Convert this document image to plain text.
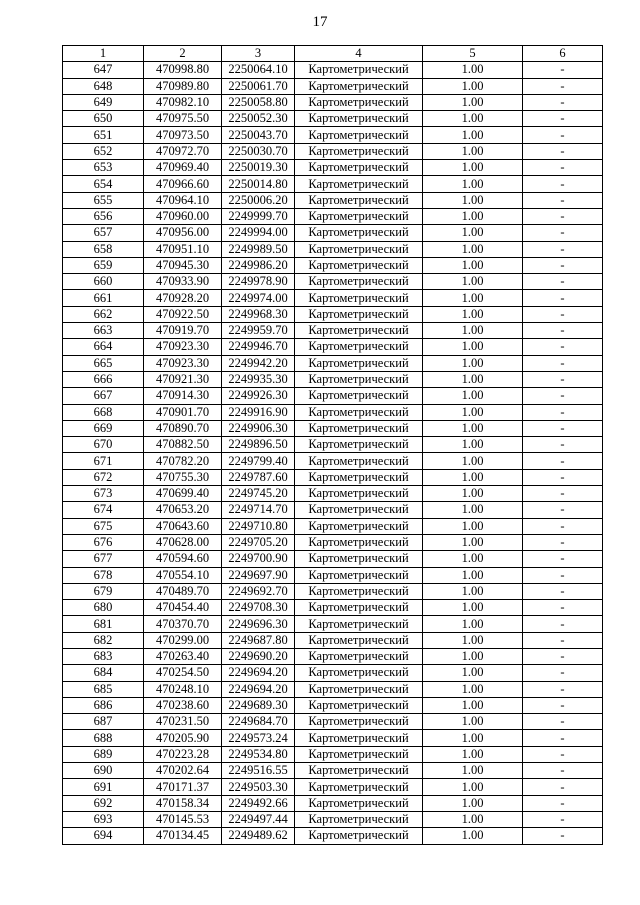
17
1	2	3	4	5	6
647	470998.80	2250064.10	Картометрический	1.00	-
648	470989.80	2250061.70	Картометрический	1.00	-
649	470982.10	2250058.80	Картометрический	1.00	-
650	470975.50	2250052.30	Картометрический	1.00	-
651	470973.50	2250043.70	Картометрический	1.00	-
652	470972.70	2250030.70	Картометрический	1.00	-
653	470969.40	2250019.30	Картометрический	1.00	-
654	470966.60	2250014.80	Картометрический	1.00	-
655	470964.10	2250006.20	Картометрический	1.00	-
656	470960.00	2249999.70	Картометрический	1.00	-
657	470956.00	2249994.00	Картометрический	1.00	-
658	470951.10	2249989.50	Картометрический	1.00	-
659	470945.30	2249986.20	Картометрический	1.00	-
660	470933.90	2249978.90	Картометрический	1.00	-
661	470928.20	2249974.00	Картометрический	1.00	-
662	470922.50	2249968.30	Картометрический	1.00	-
663	470919.70	2249959.70	Картометрический	1.00	-
664	470923.30	2249946.70	Картометрический	1.00	-
665	470923.30	2249942.20	Картометрический	1.00	-
666	470921.30	2249935.30	Картометрический	1.00	-
667	470914.30	2249926.30	Картометрический	1.00	-
668	470901.70	2249916.90	Картометрический	1.00	-
669	470890.70	2249906.30	Картометрический	1.00	-
670	470882.50	2249896.50	Картометрический	1.00	-
671	470782.20	2249799.40	Картометрический	1.00	-
672	470755.30	2249787.60	Картометрический	1.00	-
673	470699.40	2249745.20	Картометрический	1.00	-
674	470653.20	2249714.70	Картометрический	1.00	-
675	470643.60	2249710.80	Картометрический	1.00	-
676	470628.00	2249705.20	Картометрический	1.00	-
677	470594.60	2249700.90	Картометрический	1.00	-
678	470554.10	2249697.90	Картометрический	1.00	-
679	470489.70	2249692.70	Картометрический	1.00	-
680	470454.40	2249708.30	Картометрический	1.00	-
681	470370.70	2249696.30	Картометрический	1.00	-
682	470299.00	2249687.80	Картометрический	1.00	-
683	470263.40	2249690.20	Картометрический	1.00	-
684	470254.50	2249694.20	Картометрический	1.00	-
685	470248.10	2249694.20	Картометрический	1.00	-
686	470238.60	2249689.30	Картометрический	1.00	-
687	470231.50	2249684.70	Картометрический	1.00	-
688	470205.90	2249573.24	Картометрический	1.00	-
689	470223.28	2249534.80	Картометрический	1.00	-
690	470202.64	2249516.55	Картометрический	1.00	-
691	470171.37	2249503.30	Картометрический	1.00	-
692	470158.34	2249492.66	Картометрический	1.00	-
693	470145.53	2249497.44	Картометрический	1.00	-
694	470134.45	2249489.62	Картометрический	1.00	-
